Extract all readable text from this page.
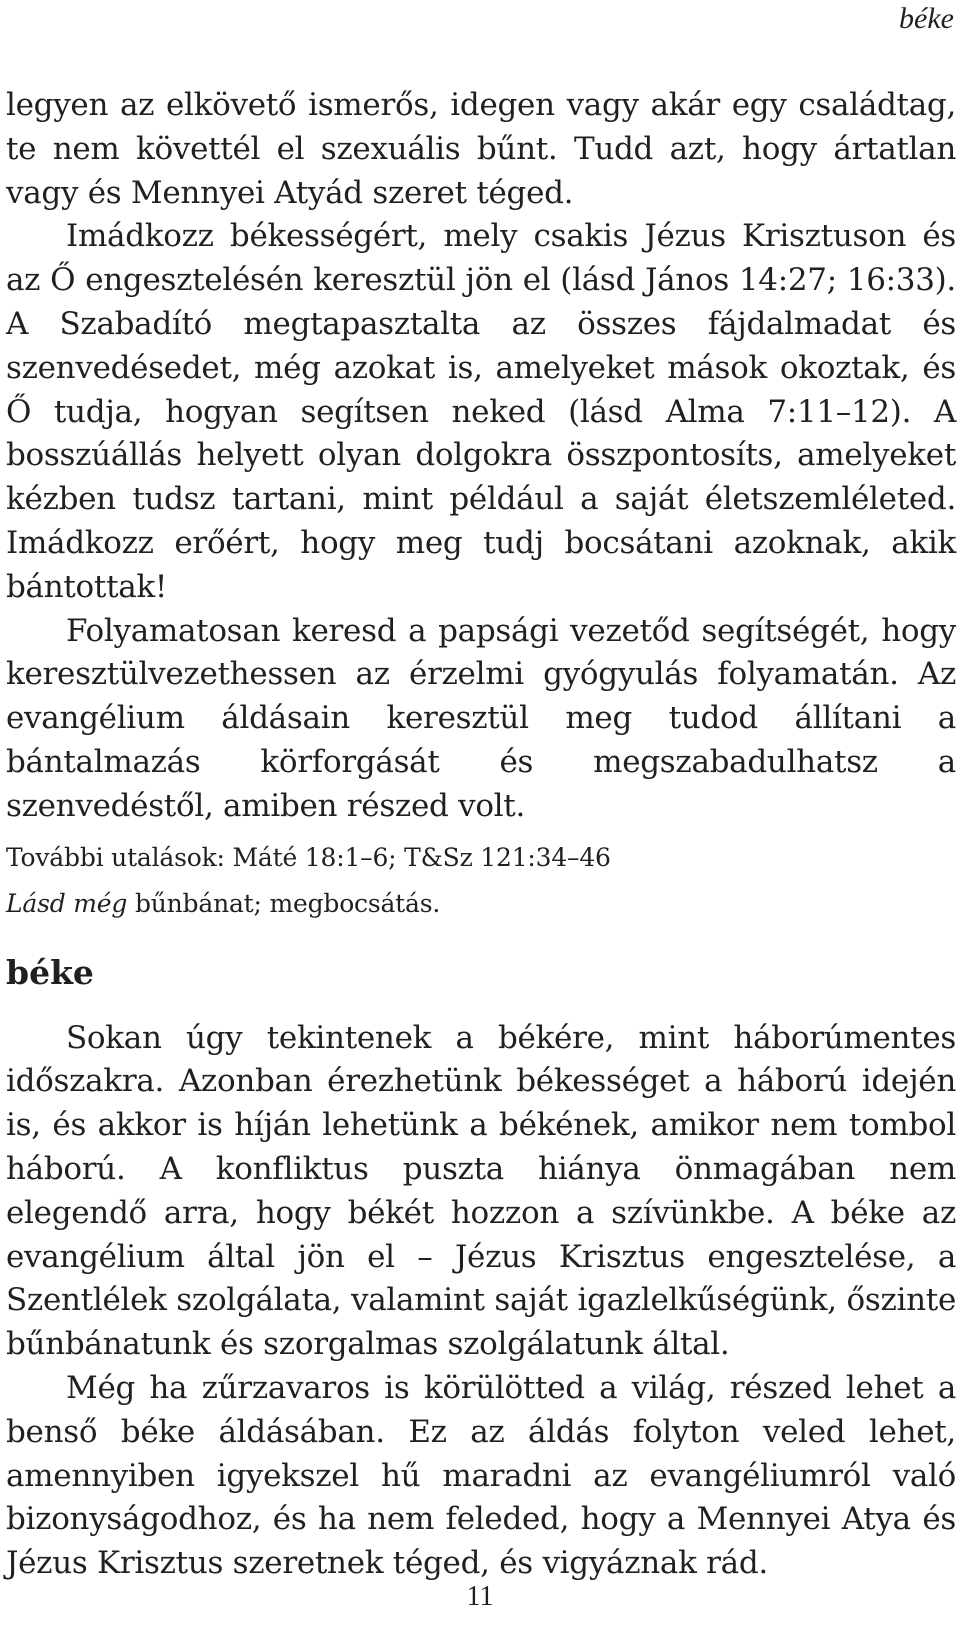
béke

legyen az elkövető ismerős, idegen vagy akár egy családtag, te nem követtél el szexuális bűnt. Tudd azt, hogy ártatlan vagy és Mennyei Atyád szeret téged.

Imádkozz békességért, mely csakis Jézus Krisztuson és az Ő engesztelésén keresztül jön el (lásd János 14:27; 16:33). A Szabadító megtapasztalta az összes fájdalmadat és szenvedésedet, még azokat is, amelyeket mások okoztak, és Ő tudja, hogyan segítsen neked (lásd Alma 7:11–12). A bosszúállás helyett olyan dolgokra összpontosíts, amelyeket kézben tudsz tartani, mint például a saját életszemléleted. Imádkozz erőért, hogy meg tudj bocsátani azoknak, akik bántottak!

Folyamatosan keresd a papsági vezetőd segítségét, hogy keresztülvezethessen az érzelmi gyógyulás folyamatán. Az evangélium áldásain keresztül meg tudod állítani a bántalmazás körforgását és megszabadulhatsz a szenvedéstől, amiben részed volt.

További utalások: Máté 18:1–6; T&Sz 121:34–46
Lásd még bűnbánat; megbocsátás.
béke

Sokan úgy tekintenek a békére, mint háborúmentes időszakra. Azonban érezhetünk békességet a háború idején is, és akkor is híján lehetünk a békének, amikor nem tombol háború. A konfliktus puszta hiánya önmagában nem elegendő arra, hogy békét hozzon a szívünkbe. A béke az evangélium által jön el – Jézus Krisztus engesztelése, a Szentlélek szolgálata, valamint saját igazlelkűségünk, őszinte bűnbánatunk és szorgalmas szolgálatunk által.

Még ha zűrzavaros is körülötted a világ, részed lehet a benső béke áldásában. Ez az áldás folyton veled lehet, amennyiben igyekszel hű maradni az evangéliumról való bizonyságodhoz, és ha nem feleded, hogy a Mennyei Atya és Jézus Krisztus szeretnek téged, és vigyáznak rád.

11
